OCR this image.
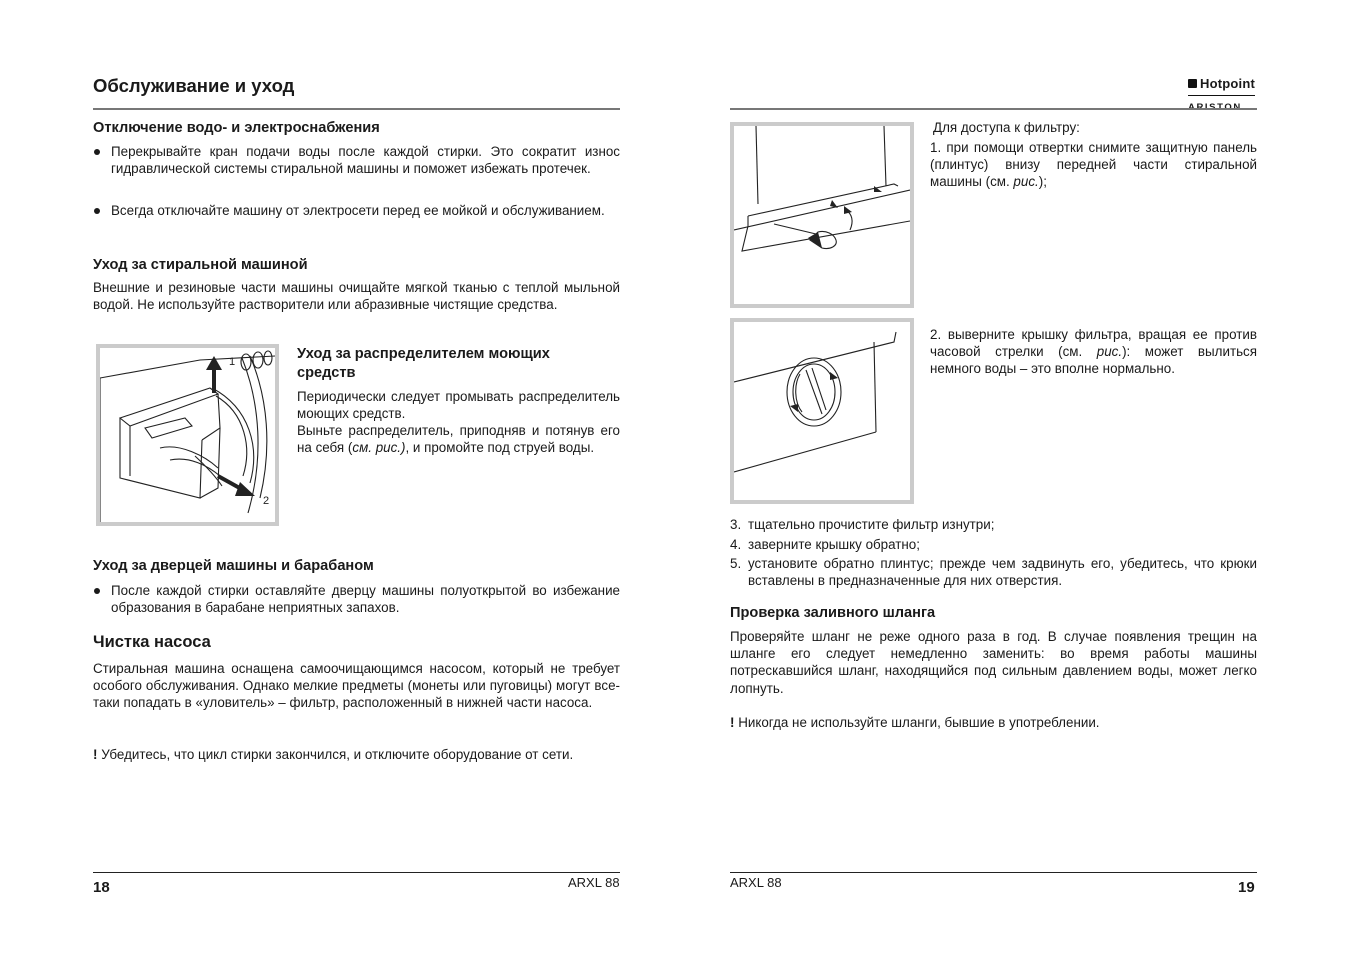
Обслуживание и уход
Отключение водо- и электроснабжения
Перекрывайте кран подачи воды после каждой стирки. Это сократит износ гидравлической системы стиральной машины и поможет избежать протечек.
Всегда отключайте машину от электросети перед ее мойкой и обслуживанием.
Уход за стиральной машиной
Внешние и резиновые части машины очищайте мягкой тканью с теплой мыльной водой. Не используйте растворители или абразивные чистящие средства.
1
2
Уход за распределителем моющих средств
Периодически следует промывать распределитель моющих средств.
Выньте распределитель, приподняв и потянув его на себя (см. рис.), и промойте под струей воды.
Уход за дверцей машины и барабаном
После каждой стирки оставляйте дверцу машины полуоткрытой во избежание образования в барабане неприятных запахов.
Чистка насоса
Стиральная машина оснащена самоочищающимся насосом, который не требует особого обслуживания. Однако мелкие предметы (монеты или пуговицы) могут все-таки попадать в «уловитель» – фильтр, расположенный в нижней части насоса.
! Убедитесь, что цикл стирки закончился, и отключите оборудование от сети.
18	ARXL 88
Hotpoint
Для доступа к фильтру:
1. при помощи отвертки снимите защитную панель (плинтус) внизу передней части стиральной машины (см. рис.);
2. выверните крышку фильтра, вращая ее против часовой стрелки (см. рис.): может вылиться немного воды – это вполне нормально.
3. тщательно прочистите фильтр изнутри;
4. заверните крышку обратно;
5. установите обратно плинтус; прежде чем задвинуть его, убедитесь, что крюки вставлены в предназначенные для них отверстия.
Проверка заливного шланга
Проверяйте шланг не реже одного раза в год. В случае появления трещин на шланге его следует немедленно заменить: во время работы машины потрескавшийся шланг, находящийся под сильным давлением воды, может легко лопнуть.
! Никогда не используйте шланги, бывшие в употреблении.
ARXL 88	19
